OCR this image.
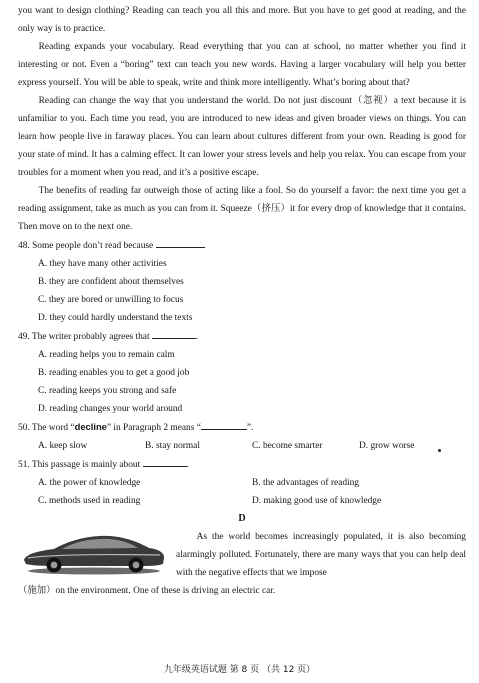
you want to design clothing? Reading can teach you all this and more. But you have to get good at reading, and the only way is to practice.

Reading expands your vocabulary. Read everything that you can at school, no matter whether you find it interesting or not. Even a “boring” text can teach you new words. Having a larger vocabulary will help you better express yourself. You will be able to speak, write and think more intelligently. What’s boring about that?

Reading can change the way that you understand the world. Do not just discount（忽视）a text because it is unfamiliar to you. Each time you read, you are introduced to new ideas and given broader views on things. You can learn how people live in faraway places. You can learn about cultures different from your own. Reading is good for your state of mind. It has a calming effect. It can lower your stress levels and help you relax. You can escape from your troubles for a moment when you read, and it’s a positive escape.

The benefits of reading far outweigh those of acting like a fool. So do yourself a favor: the next time you get a reading assignment, take as much as you can from it. Squeeze（挤压）it for every drop of knowledge that it contains. Then move on to the next one.

48. Some people don’t read because	.

A. they have many other activities

B. they are confident about themselves

C. they are bored or unwilling to focus

D. they could hardly understand the texts

49. The writer probably agrees that	.

A. reading helps you to remain calm

B. reading enables you to get a good job

C. reading keeps you strong and safe

D. reading changes your world around

50. The word “decline” in Paragraph 2 means “	”.

A. keep slow	B. stay normal	C. become smarter	D. grow worse

51. This passage is mainly about	.

A. the power of knowledge	B. the advantages of reading
C. methods used in reading	D. making good use of knowledge

D

As the world becomes increasingly populated, it is also becoming alarmingly polluted. Fortunately, there are many ways that you can help deal with the negative effects that we impose

（施加）on the environment. One of these is driving an electric car.

九年级英语试题 第 8 页 （共 12 页）
